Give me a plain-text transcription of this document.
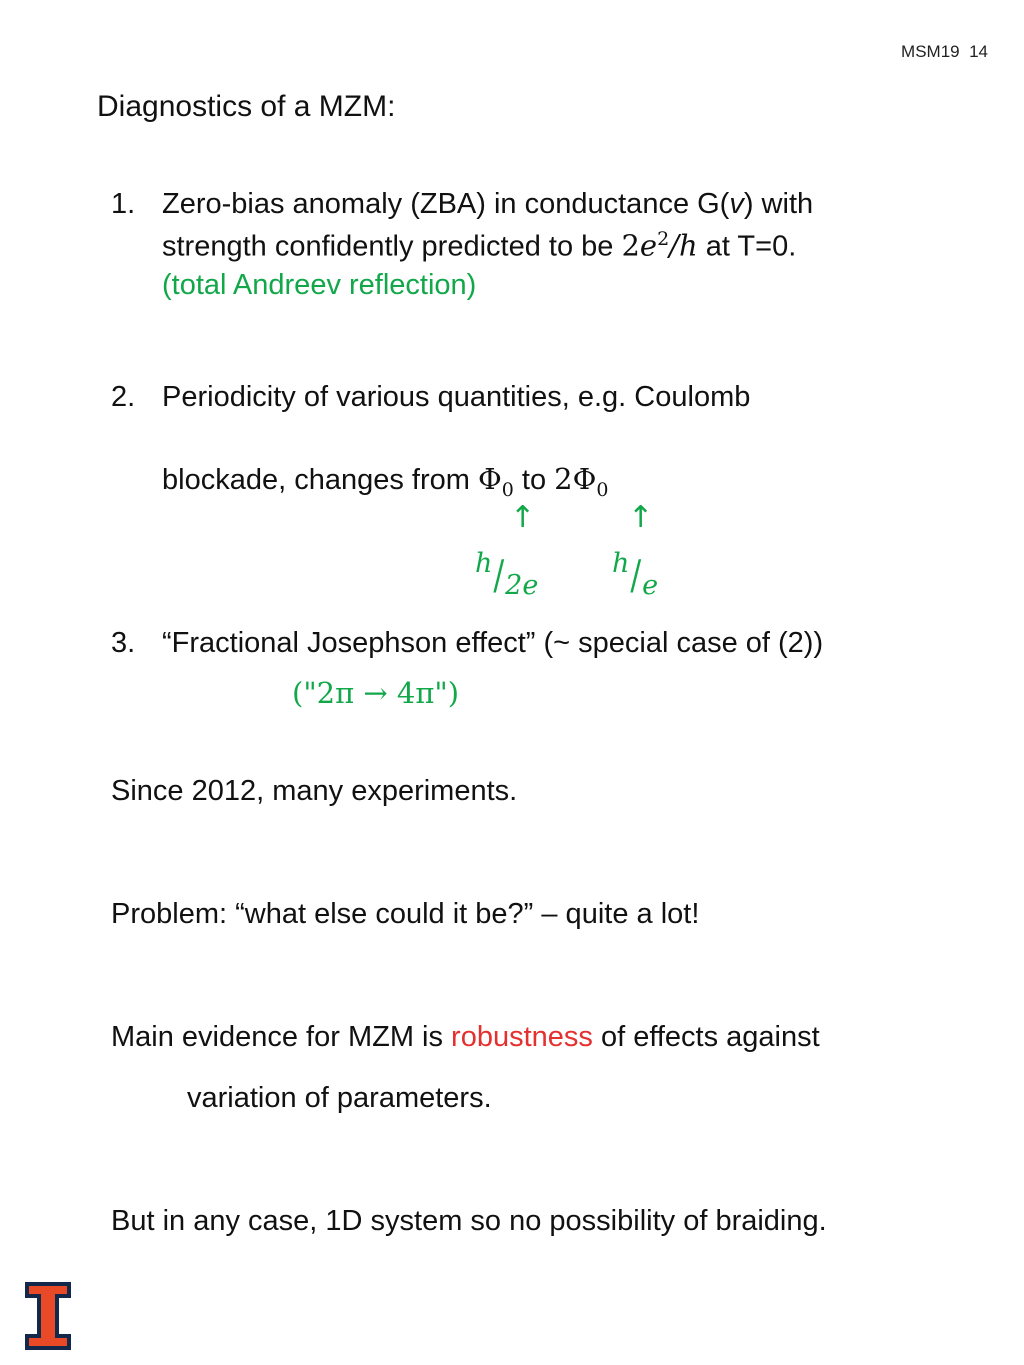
MSM19 14
Diagnostics of a MZM:
1. Zero-bias anomaly (ZBA) in conductance G(v) with
strength confidently predicted to be $2e^2/h$ at T=0.
(total Andreev reflection)
2. Periodicity of various quantities, e.g. Coulomb
blockade, changes from $\Phi_0$ to $2\Phi_0$
↑	↑
h/2e
h/e
3. “Fractional Josephson effect” (~ special case of (2))
("2π → 4π")
Since 2012, many experiments.
Problem: “what else could it be?” – quite a lot!
Main evidence for MZM is robustness of effects against
variation of parameters.
But in any case, 1D system so no possibility of braiding.
